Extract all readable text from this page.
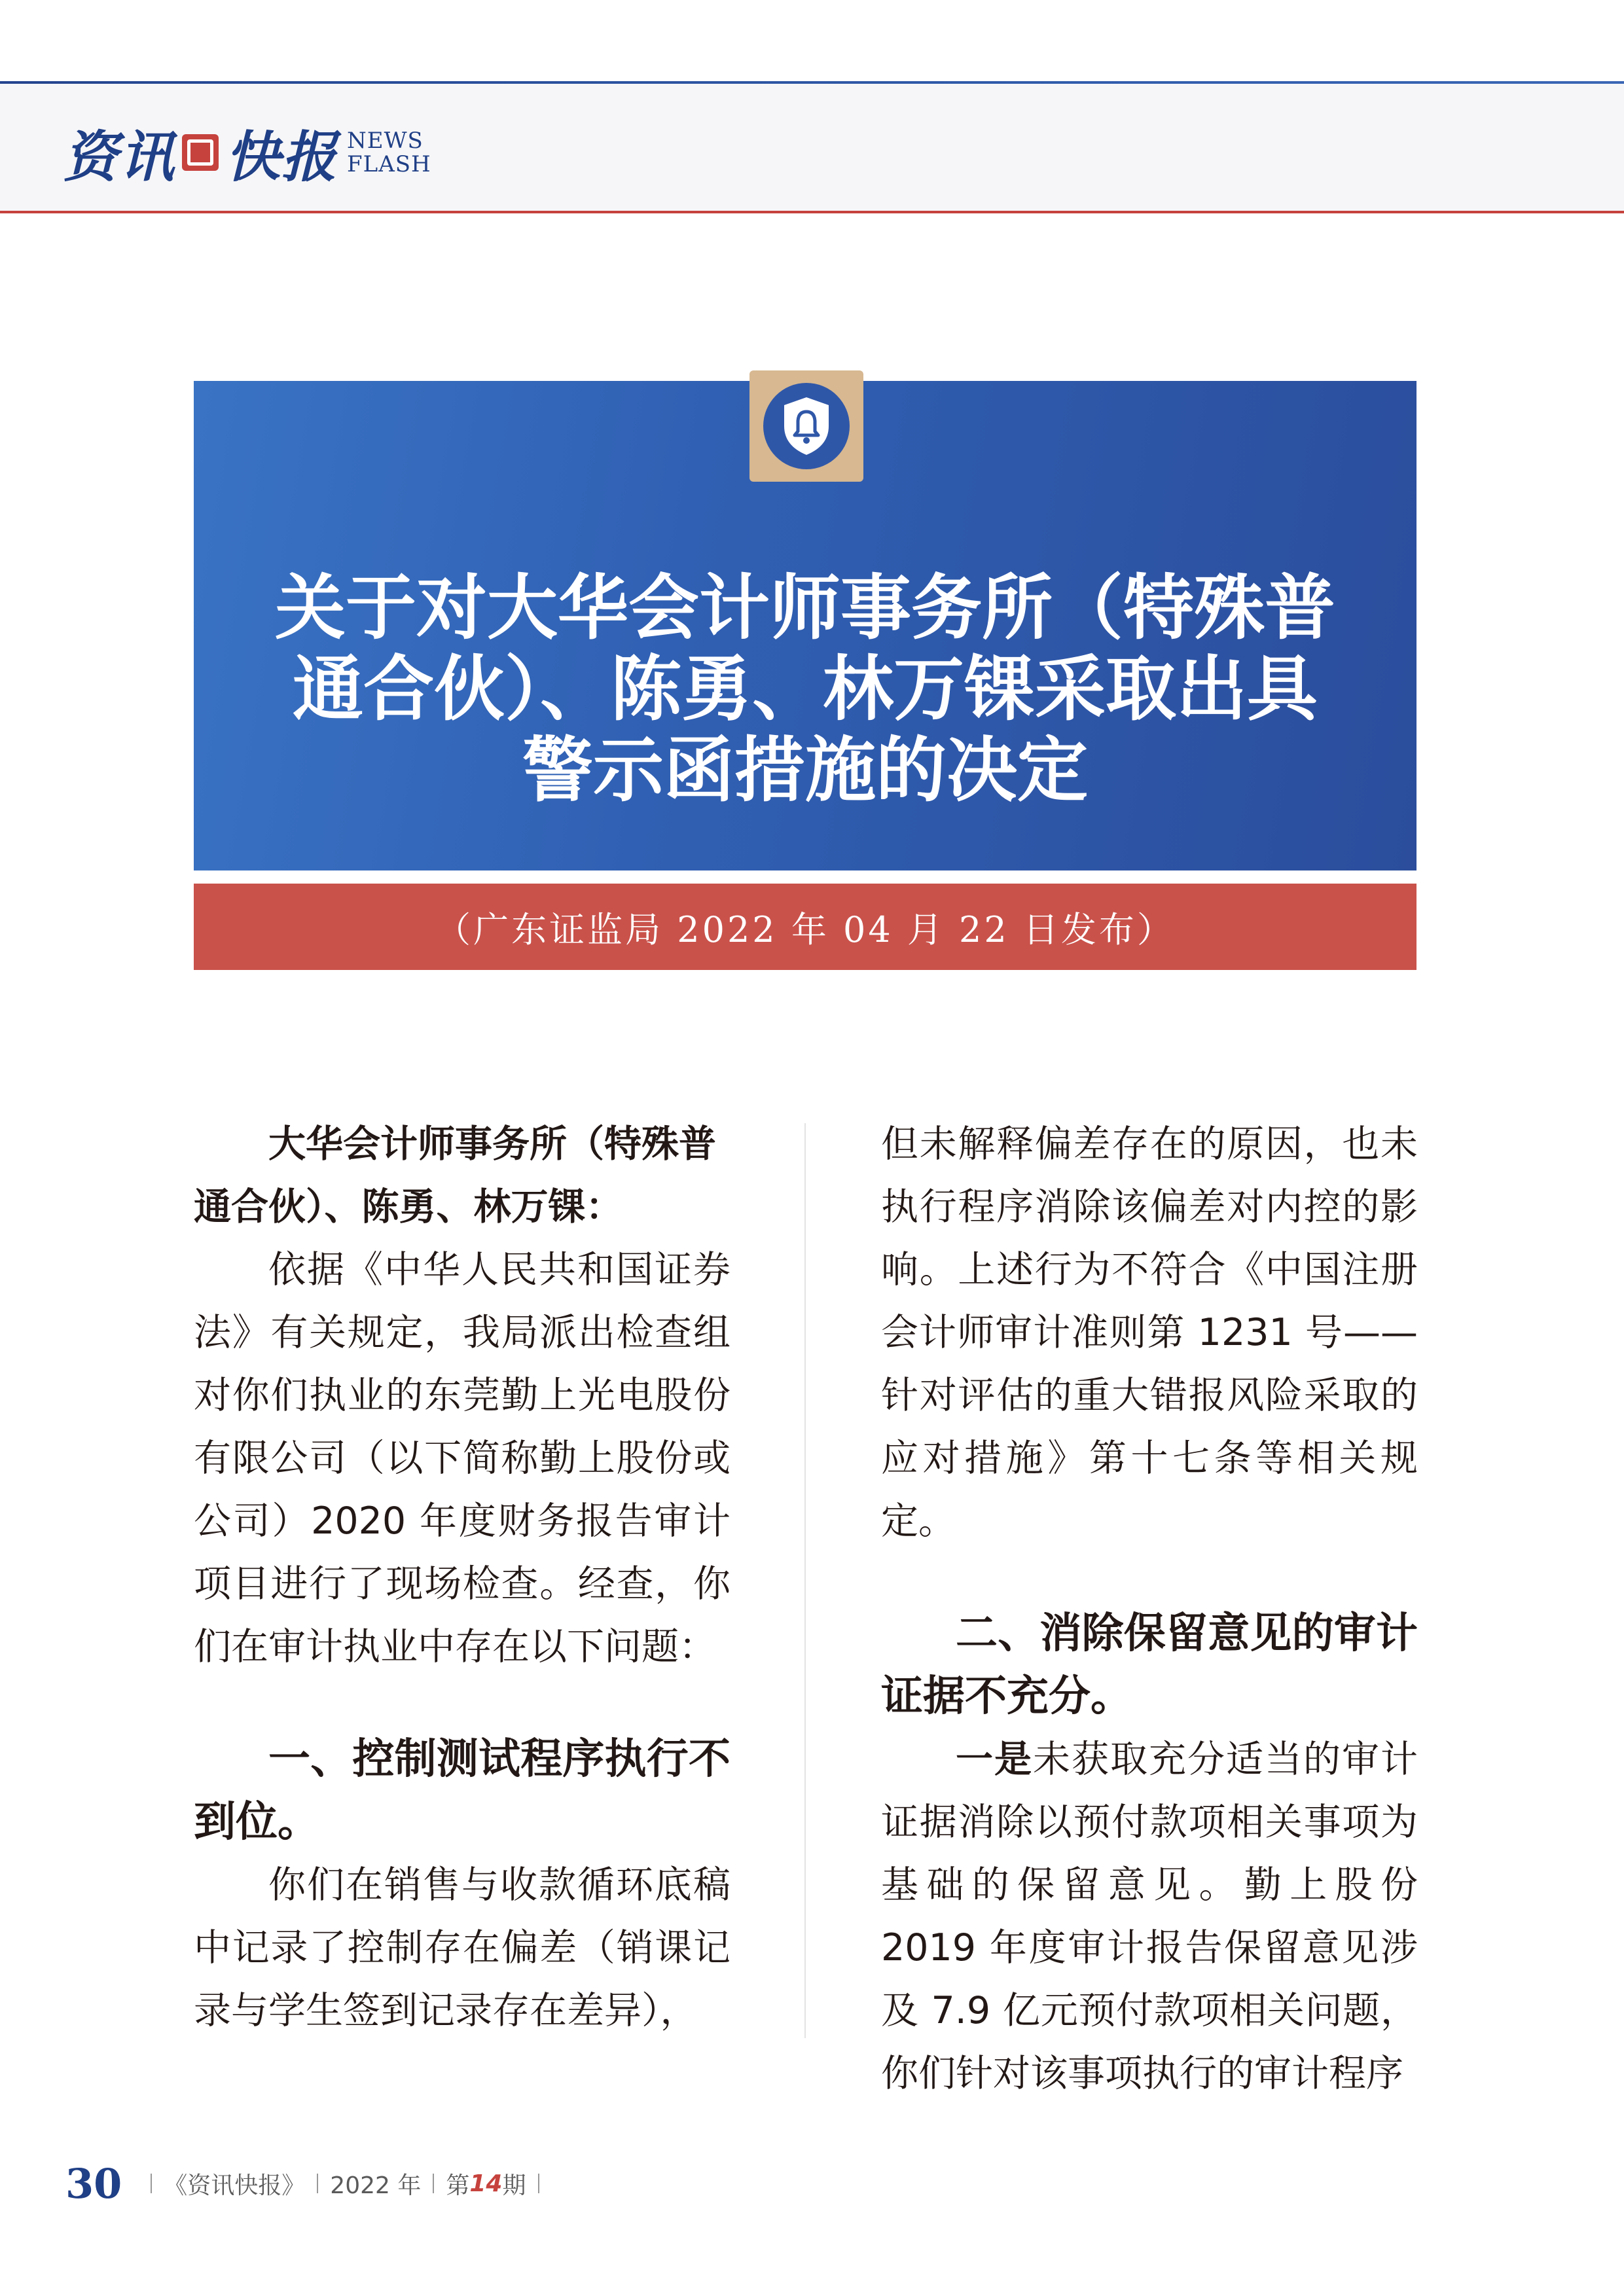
资讯 快报 NEWS
FLASH
关于对大华会计师事务所（特殊普
通合伙）、陈勇、林万锞采取出具
警示函措施的决定
（广东证监局 2022 年 04 月 22 日发布）

大华会计师事务所（特殊普

通合伙）、陈勇、林万锞：

依据《中华人民共和国证券法》有关规定，我局派出检查组对你们执业的东莞勤上光电股份有限公司（以下简称勤上股份或公司）2020 年度财务报告审计项目进行了现场检查。经查，你们在审计执业中存在以下问题：

一、控制测试程序执行不到位。

你们在销售与收款循环底稿中记录了控制存在偏差（销课记录与学生签到记录存在差异），

但未解释偏差存在的原因，也未执行程序消除该偏差对内控的影响。上述行为不符合《中国注册会计师审计准则第 1231 号——针对评估的重大错报风险采取的应对措施》第十七条等相关规定。

二、消除保留意见的审计证据不充分。

一是未获取充分适当的审计证据消除以预付款项相关事项为基础的保留意见。勤上股份 2019 年度审计报告保留意见涉及 7.9 亿元预付款项相关问题，你们针对该事项执行的审计程序

30 《资讯快报》 2022 年 第 14 期
